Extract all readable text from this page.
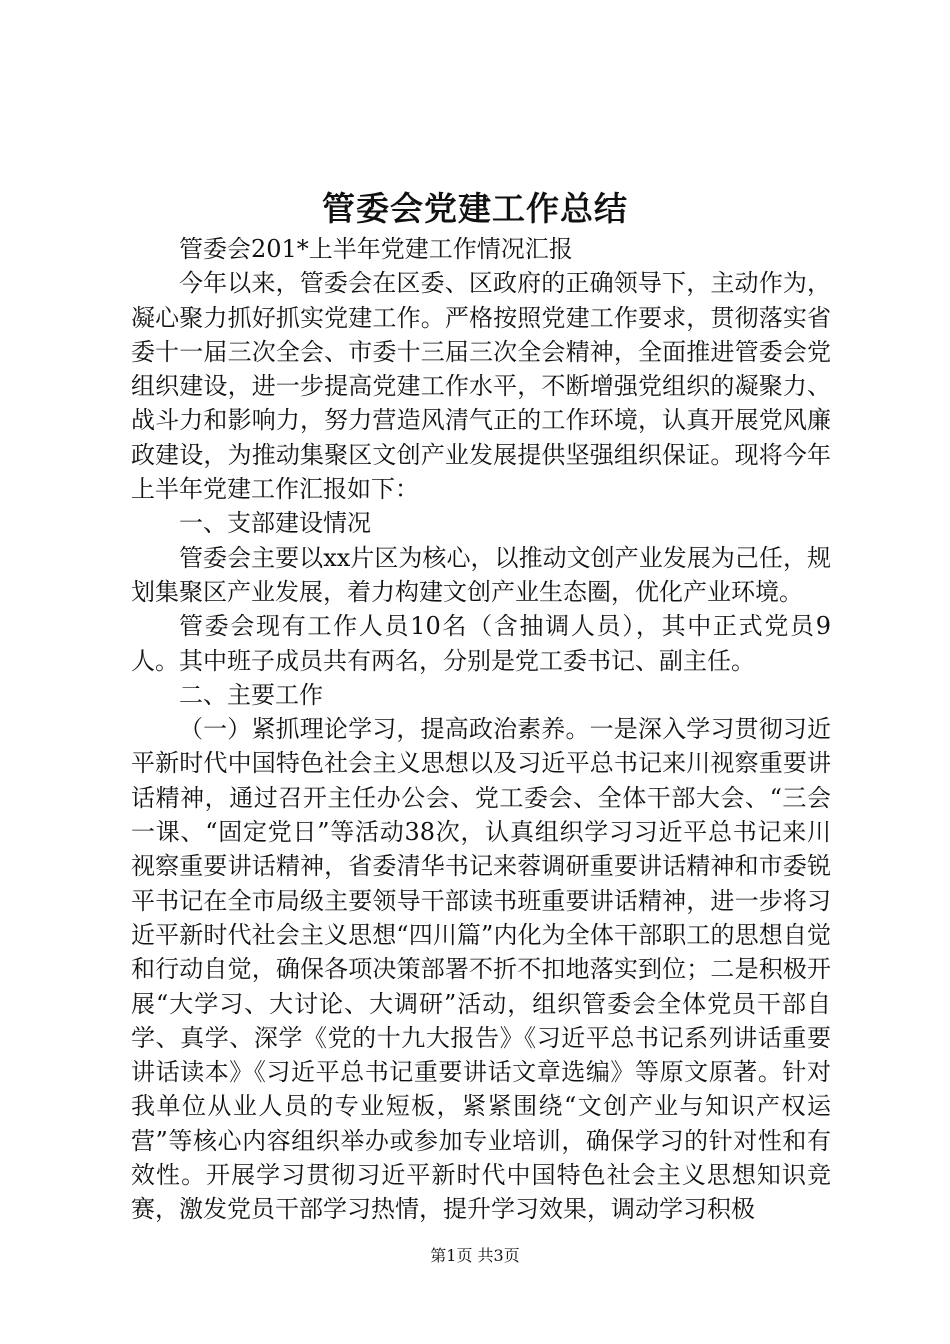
管委会党建工作总结

管委会201*上半年党建工作情况汇报

今年以来，管委会在区委、区政府的正确领导下，主动作为，凝心聚力抓好抓实党建工作。严格按照党建工作要求，贯彻落实省委十一届三次全会、市委十三届三次全会精神，全面推进管委会党组织建设，进一步提高党建工作水平，不断增强党组织的凝聚力、战斗力和影响力，努力营造风清气正的工作环境，认真开展党风廉政建设，为推动集聚区文创产业发展提供坚强组织保证。现将今年上半年党建工作汇报如下：

一、支部建设情况

管委会主要以xx片区为核心，以推动文创产业发展为己任，规划集聚区产业发展，着力构建文创产业生态圈，优化产业环境。

管委会现有工作人员10名（含抽调人员），其中正式党员9人。其中班子成员共有两名，分别是党工委书记、副主任。

二、主要工作

（一）紧抓理论学习，提高政治素养。一是深入学习贯彻习近平新时代中国特色社会主义思想以及习近平总书记来川视察重要讲话精神，通过召开主任办公会、党工委会、全体干部大会、“三会一课、“固定党日”等活动38次，认真组织学习习近平总书记来川视察重要讲话精神，省委清华书记来蓉调研重要讲话精神和市委锐平书记在全市局级主要领导干部读书班重要讲话精神，进一步将习近平新时代社会主义思想“四川篇”内化为全体干部职工的思想自觉和行动自觉，确保各项决策部署不折不扣地落实到位；二是积极开展“大学习、大讨论、大调研”活动，组织管委会全体党员干部自学、真学、深学《党的十九大报告》《习近平总书记系列讲话重要讲话读本》《习近平总书记重要讲话文章选编》等原文原著。针对我单位从业人员的专业短板，紧紧围绕“文创产业与知识产权运营”等核心内容组织举办或参加专业培训，确保学习的针对性和有效性。开展学习贯彻习近平新时代中国特色社会主义思想知识竞赛，激发党员干部学习热情，提升学习效果，调动学习积极

第1页 共3页
